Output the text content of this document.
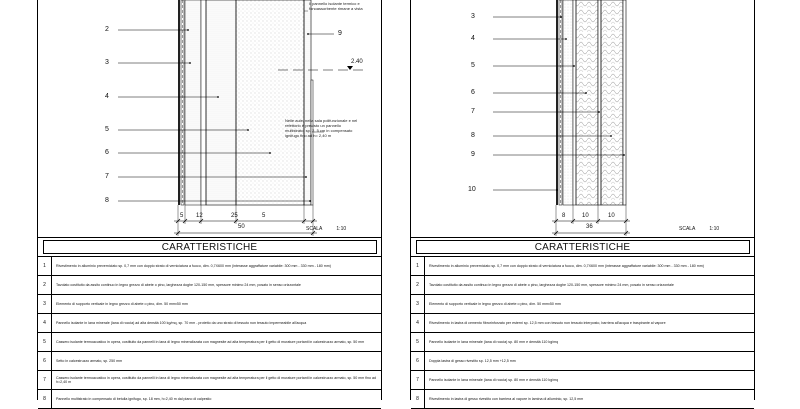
2
3
4
5
6
7
8
9
2.40
Il pannello isolante termico e fonoassorbente rimane a vista
Nelle aule, nella sala polifunzionale e nel refettorio è previsto un pannello multistrato, sp. 2, 5 cm in compensato ignifugo fino ad h= 2,40 m
5 12	25	5
50	SCALA	1:10
CARATTERISTICHE
1	Rivestimento in alluminio preverniciato sp. 0,7 mm con doppio strato di verniciatura a fuoco, dim. 0,7X600 mm (interasse aggraffature variabile: 300 mm - 330 mm - 180 mm)
2	Tavolato costituito da assito continuo in legno grezzo di abete o pino, larghezza doghe 120-150 mm, spessore minimo 24 mm, posato in senso orizzontale
3	Elemento di supporto verticale in legno grezzo di abete o pino, dim. 50 mmx50 mm
4	Pannello isolante in lana minerale (lana di roccia) ad alta densità 100 kg/mq, sp. 70 mm - protetto da uno strato di tessuto non tessuto impermeabile all'acqua
5	Cassero isolante termoacustico in opera, costituito da pannelli in lana di legno mineralizzata con magnesite ad alta temperatura per il getto di murature portanti in calcestruzzo armato, sp. 50 mm
6	Setto in calcestruzzo armato, sp. 250 mm
7	Cassero isolante termoacustico in opera, costituito da pannelli in lana di legno mineralizzata con magnesite ad alta temperatura per il getto di murature portanti in calcestruzzo armato, sp. 50 mm fino ad h=2,40 m
8	Pannello multistrato in compensato di betulla ignifugo, sp. 18 mm, h=2,40 m dal piano di calpestio
3
4
5
6
7
8
9
10
8	10	10
36	SCALA	1:10
CARATTERISTICHE
1	Rivestimento in alluminio preverniciato sp. 0,7 mm con doppio strato di verniciatura a fuoco, dim. 0,7X600 mm (interasse aggraffature variabile: 300 mm - 330 mm - 180 mm)
2	Tavolato costituito da assito continuo in legno grezzo di abete o pino, larghezza doghe 120-150 mm, spessore minimo 24 mm, posato in senso orizzontale
3	Elemento di supporto verticale in legno grezzo di abete o pino, dim. 50 mmx50 mm
4	Rivestimento in lastra di cemento fibrorinforzato per esterni sp. 12,5 mm con tessuto non tessuto interposto, barriera all'acqua e traspirante al vapore
5	Pannello isolante in lana minerale (lana di roccia) sp. 80 mm e densità 110 kg/mq
6	Doppia lastra di gesso rivestito sp. 12,5 mm +12,5 mm
7	Pannello isolante in lana minerale (lana di roccia) sp. 80 mm e densità 110 kg/mq
8	Rivestimento in lastra di gesso rivestito con barriera al vapore in lamina di alluminio, sp. 12,5 mm
